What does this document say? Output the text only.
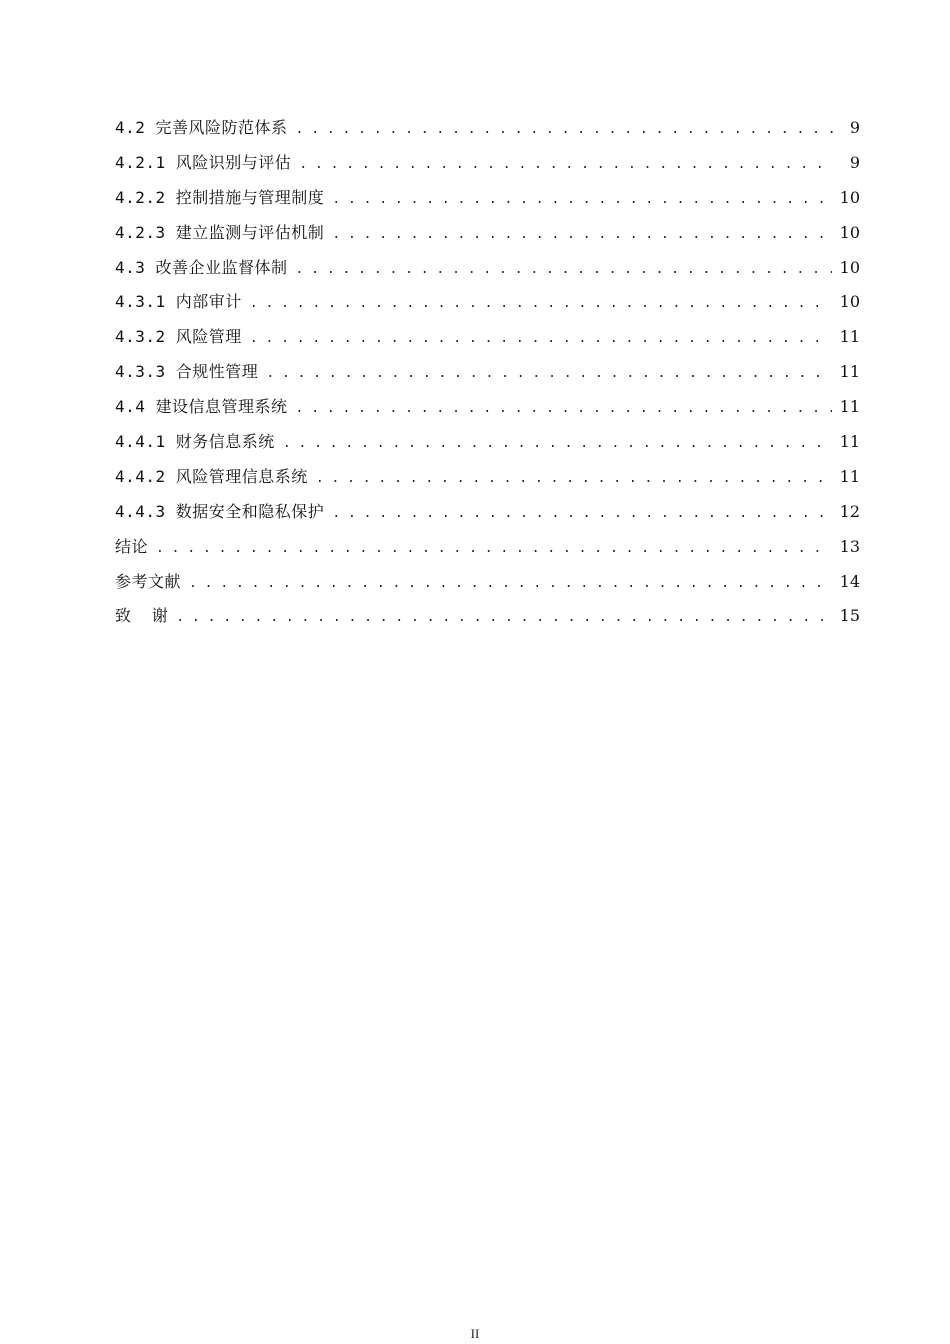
4.2 完善风险防范体系 . . .	9
4.2.1 风险识别与评估 . . .	9
4.2.2 控制措施与管理制度 . . .	10
4.2.3 建立监测与评估机制 . . .	10
4.3 改善企业监督体制 . . .	10
4.3.1 内部审计 . . .	10
4.3.2 风险管理 . . .	11
4.3.3 合规性管理 . . .	11
4.4 建设信息管理系统 . . .	11
4.4.1 财务信息系统 . . .	11
4.4.2 风险管理信息系统 . . .	11
4.4.3 数据安全和隐私保护 . . .	12
结论 . . .	13
参考文献 . . .	14
致  谢 . . .	15
II
